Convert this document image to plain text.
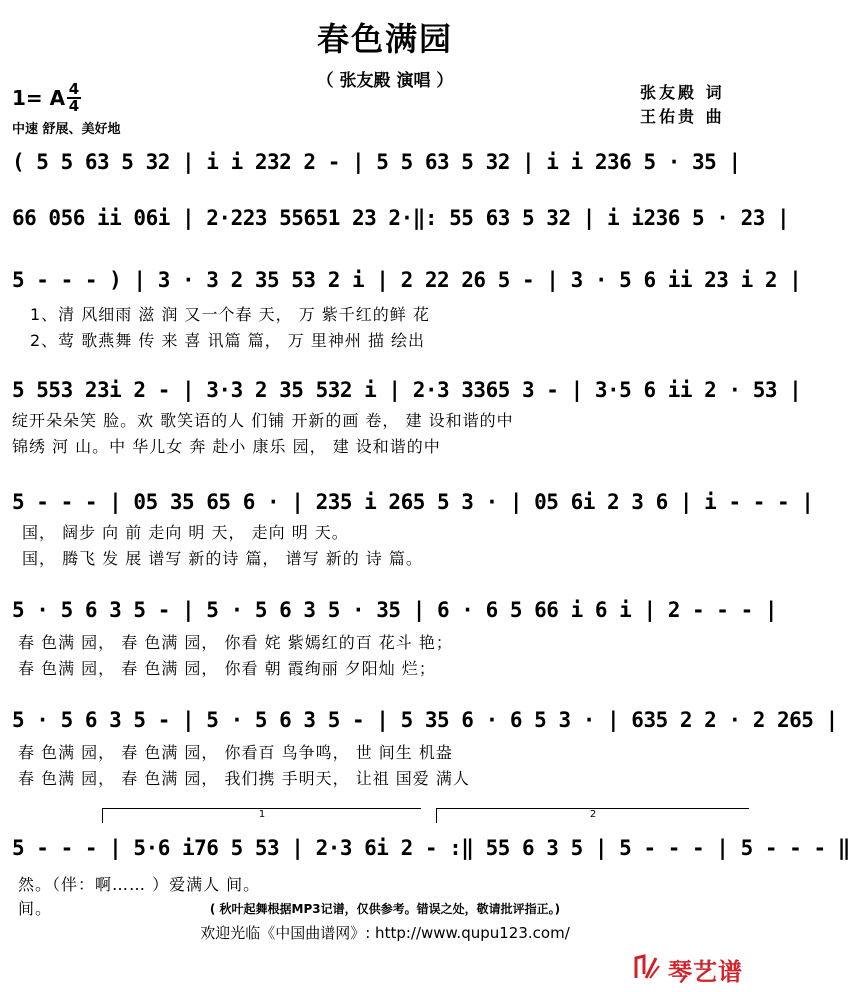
春色满园
（ 张友殿 演唱 ）
1= A 4
4
中速 舒展、美好地
张友殿 词
王佑贵 曲
( 5 5 63 5 32 | i i 232 2 - | 5 5 63 5 32 | i i 236 5 · 35 |
66 056 ii 06i | 2·223 55651 23 2·‖: 55 63 5 32 | i i236 5 · 23 |
5 - - - ) | 3 · 3 2 35 53 2 i | 2 22 26 5 - | 3 · 5 6 ii 23 i 2 |
1、清 风细雨 滋 润 又一个春 天， 万 紫千红的鲜 花
2、莺 歌燕舞 传 来 喜 讯篇 篇， 万 里神州 描 绘出
5 553 23i 2 - | 3·3 2 35 532 i | 2·3 3365 3 - | 3·5 6 ii 2 · 53 |
绽开朵朵笑 脸。欢 歌笑语的人 们铺 开新的画 卷， 建 设和谐的中
锦绣 河 山。中 华儿女 奔 赴小 康乐 园， 建 设和谐的中
5 - - - | 05 35 65 6 · | 235 i 265 5 3 · | 05 6i 2 3 6 | i - - - |
国， 阔步 向 前 走向 明 天， 走向 明 天。
国， 腾飞 发 展 谱写 新的诗 篇， 谱写 新的 诗 篇。
5 · 5 6 3 5 - | 5 · 5 6 3 5 · 35 | 6 · 6 5 66 i 6 i | 2 - - - |
春 色满 园， 春 色满 园， 你看 姹 紫嫣红的百 花斗 艳；
春 色满 园， 春 色满 园， 你看 朝 霞绚丽 夕阳灿 烂；
5 · 5 6 3 5 - | 5 · 5 6 3 5 - | 5 35 6 · 6 5 3 · | 635 2 2 · 2 265 |
春 色满 园， 春 色满 园， 你看百 鸟争鸣， 世 间生 机盎
春 色满 园， 春 色满 园， 我们携 手明天， 让祖 国爱 满人
1	2
5 - - - | 5·6 i76 5 53 | 2·3 6i 2 - :‖ 55 6 3 5 | 5 - - - | 5 - - - ‖
然。（伴：啊…… ）爱满人 间。
间。	( 秋叶起舞根据MP3记谱，仅供参考。错误之处，敬请批评指正。)
欢迎光临《中国曲谱网》: http://www.qupu123.com/
琴艺谱
